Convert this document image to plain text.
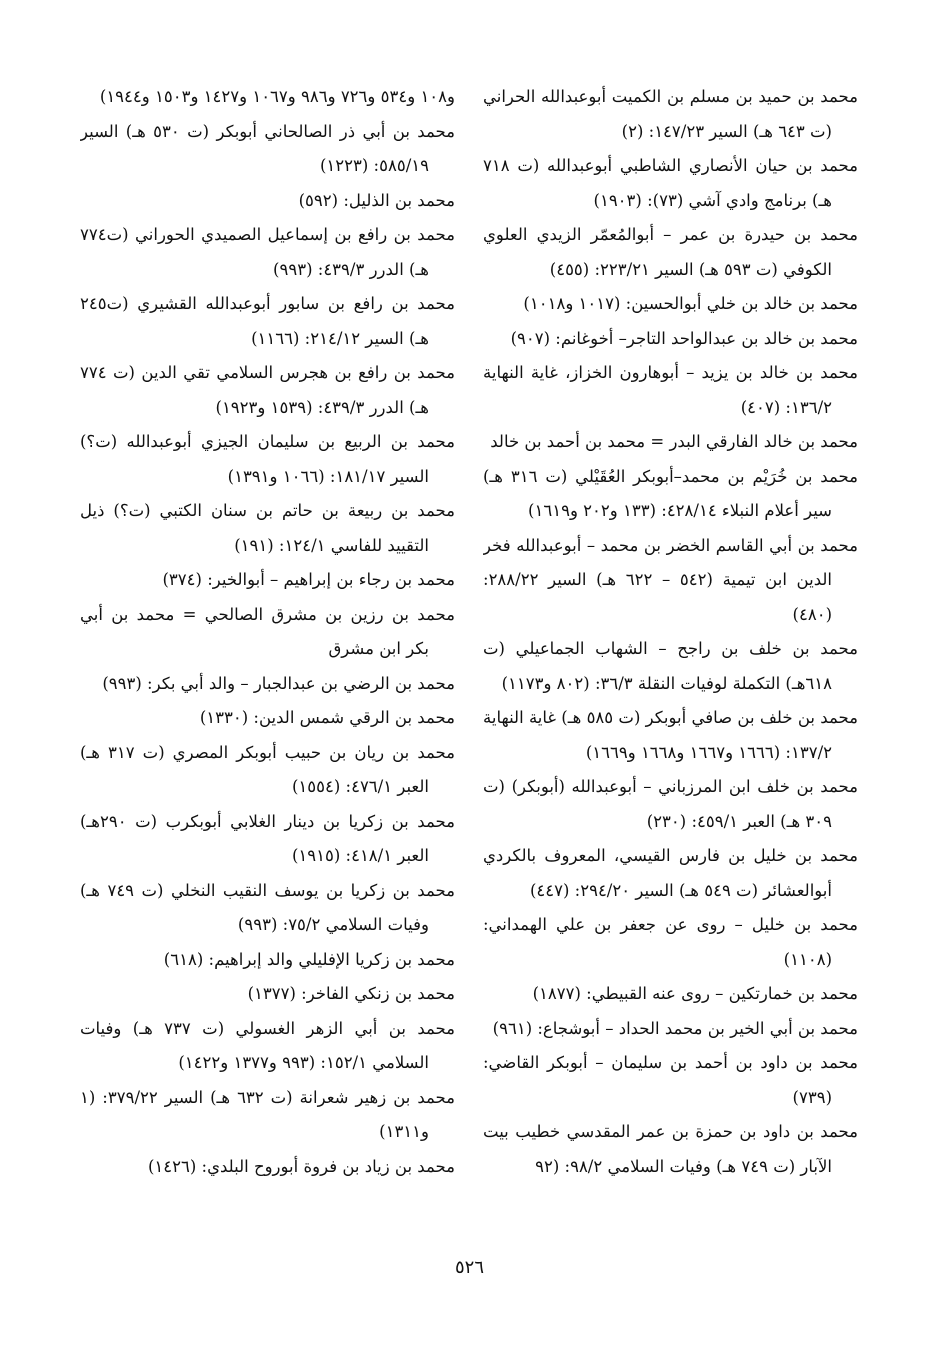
محمد بن حميد بن مسلم بن الكميت أبوعبدالله الحراني (ت ٦٤٣ هـ) السير ١٤٧/٢٣: (٢)

محمد بن حيان الأنصاري الشاطبي أبوعبدالله (ت ٧١٨ هـ) برنامج وادي آشي (٧٣): (١٩٠٣)

محمد بن حيدرة بن عمر – أبوالمُعمّر الزيدي العلوي الكوفي (ت ٥٩٣ هـ) السير ٢٢٣/٢١: (٤٥٥)

محمد بن خالد بن خلي أبوالحسين: (١٠١٧ و١٠١٨)

محمد بن خالد بن عبدالواحد التاجر– أخوغانم: (٩٠٧)

محمد بن خالد بن يزيد – أبوهارون الخزاز، غاية النهاية ١٣٦/٢: (٤٠٧)

محمد بن خالد الفارقي البدر = محمد بن أحمد بن خالد

محمد بن خُرَيْم بن محمد–أبوبكر العُقَيْلي (ت ٣١٦ هـ) سير أعلام النبلاء ٤٢٨/١٤: (١٣٣ و٢٠٢ و١٦١٩)

محمد بن أبي القاسم الخضر بن محمد – أبوعبدالله فخر الدين ابن تيمية (٥٤٢ – ٦٢٢ هـ) السير ٢٨٨/٢٢: (٤٨٠)

محمد بن خلف بن راجح – الشهاب الجماعيلي (ت ٦١٨هـ) التكملة لوفيات النقلة ٣٦/٣: (٨٠٢ و١١٧٣)

محمد بن خلف بن صافي أبوبكر (ت ٥٨٥ هـ) غاية النهاية ١٣٧/٢: (١٦٦٦ و١٦٦٧ و١٦٦٨ و١٦٦٩)

محمد بن خلف ابن المرزباني – أبوعبدالله (أبوبكر) (ت ٣٠٩ هـ) العبر ٤٥٩/١: (٢٣٠)

محمد بن خليل بن فارس القيسي، المعروف بالكردي أبوالعشائر (ت ٥٤٩ هـ) السير ٢٩٤/٢٠: (٤٤٧)

محمد بن خليل – روى عن جعفر بن علي الهمداني: (١١٠٨)

محمد بن خمارتكين – روى عنه القبيطي: (١٨٧٧)

محمد بن أبي الخير بن محمد الحداد – أبوشجاع: (٩٦١)

محمد بن داود بن أحمد بن سليمان – أبوبكر القاضي: (٧٣٩)

محمد بن داود بن حمزة بن عمر المقدسي خطيب بيت الآبار (ت ٧٤٩ هـ) وفيات السلامي ٩٨/٢: (٩٢

و١٠٨ و٥٣٤ و٧٢٦ و٩٨٦ و١٠٦٧ و١٤٢٧ و١٥٠٣ و١٩٤٤)

محمد بن أبي ذر الصالحاني أبوبكر (ت ٥٣٠ هـ) السير ٥٨٥/١٩: (١٢٢٣)

محمد بن الذليل: (٥٩٢)

محمد بن رافع بن إسماعيل الصميدي الحوراني (ت٧٧٤ هـ) الدرر ٤٣٩/٣: (٩٩٣)

محمد بن رافع بن سابور أبوعبدالله القشيري (ت٢٤٥ هـ) السير ٢١٤/١٢: (١١٦٦)

محمد بن رافع بن هجرس السلامي تقي الدين (ت ٧٧٤ هـ) الدرر ٤٣٩/٣: (١٥٣٩ و١٩٢٣)

محمد بن الربيع بن سليمان الجيزي أبوعبدالله (ت؟) السير ١٨١/١٧: (١٠٦٦ و١٣٩١)

محمد بن ربيعة بن حاتم بن سنان الكتبي (ت؟) ذيل التقييد للفاسي ١٢٤/١: (١٩١)

محمد بن رجاء بن إبراهيم – أبوالخير: (٣٧٤)

محمد بن رزين بن مشرق الصالحي = محمد بن أبي بكر ابن مشرق

محمد بن الرضي بن عبدالجبار – والد أبي بكر: (٩٩٣)

محمد بن الرقي شمس الدين: (١٣٣٠)

محمد بن ريان بن حبيب أبوبكر المصري (ت ٣١٧ هـ) العبر ٤٧٦/١: (١٥٥٤)

محمد بن زكريا بن دينار الغلابي أبوبكرب (ت ٢٩٠هـ) العبر ٤١٨/١: (١٩١٥)

محمد بن زكريا بن يوسف النقيب النخلي (ت ٧٤٩ هـ) وفيات السلامي ٧٥/٢: (٩٩٣)

محمد بن زكريا الإفليلي والد إبراهيم: (٦١٨)

محمد بن زنكي الفاخر: (١٣٧٧)

محمد بن أبي الزهر الغسولي (ت ٧٣٧ هـ) وفيات السلامي ١٥٢/١: (٩٩٣ و١٣٧٧ و١٤٢٢)

محمد بن زهير شعرانة (ت ٦٣٢ هـ) السير ٣٧٩/٢٢: (١ و١٣١١)

محمد بن زياد بن فروة أبوروح البلدي: (١٤٢٦)

٥٢٦
